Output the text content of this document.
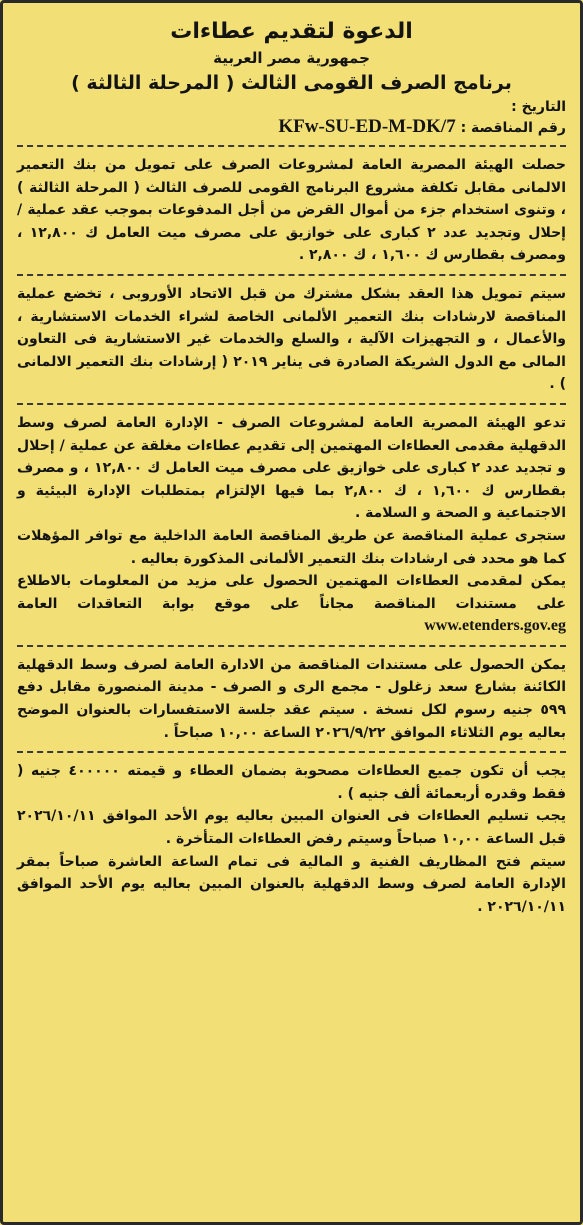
الدعوة لتقديم عطاءات
جمهورية مصر العربية
برنامج الصرف القومى الثالث ( المرحلة الثالثة )
التاريخ :
رقم المناقصة : KFw-SU-ED-M-DK/7

حصلت الهيئة المصرية العامة لمشروعات الصرف على تمويل من بنك التعمير الالمانى مقابل تكلفة مشروع البرنامج القومى للصرف الثالث ( المرحلة الثالثة ) ، وتنوى استخدام جزء من أموال القرض من أجل المدفوعات بموجب عقد عملية / إحلال وتجديد عدد ٢ كبارى على خوازيق على مصرف ميت العامل ك ١٢,٨٠٠ ، ومصرف بقطارس ك ١,٦٠٠ ، ك ٢,٨٠٠ .

سيتم تمويل هذا العقد بشكل مشترك من قبل الاتحاد الأوروبى ، تخضع عملية المناقصة لارشادات بنك التعمير الألمانى الخاصة لشراء الخدمات الاستشارية ، والأعمال ، و التجهيزات الآلية ، والسلع والخدمات غير الاستشارية فى التعاون المالى مع الدول الشريكة الصادرة فى يناير ٢٠١٩ ( إرشادات بنك التعمير الالمانى ) .

تدعو الهيئة المصرية العامة لمشروعات الصرف - الإدارة العامة لصرف وسط الدقهلية مقدمى العطاءات المهتمين إلى تقديم عطاءات مغلقة عن عملية / إحلال و تجديد عدد ٢ كبارى على خوازيق على مصرف ميت العامل ك ١٢,٨٠٠ ، و مصرف بقطارس ك ١,٦٠٠ ، ك ٢,٨٠٠ بما فيها الإلتزام بمتطلبات الإدارة البيئية و الاجتماعية و الصحة و السلامة .

ستجرى عملية المناقصة عن طريق المناقصة العامة الداخلية مع توافر المؤهلات كما هو محدد فى ارشادات بنك التعمير الألمانى المذكورة بعاليه .

يمكن لمقدمى العطاءات المهتمين الحصول على مزيد من المعلومات بالاطلاع على مستندات المناقصة مجاناً على موقع بوابة التعاقدات العامة www.etenders.gov.eg

يمكن الحصول على مستندات المناقصة من الادارة العامة لصرف وسط الدقهلية الكائنة بشارع سعد زغلول - مجمع الرى و الصرف - مدينة المنصورة مقابل دفع ٥٩٩ جنيه رسوم لكل نسخة . سيتم عقد جلسة الاستفسارات بالعنوان الموضح بعاليه يوم الثلاثاء الموافق ٢٠٢٦/٩/٢٢ الساعة ١٠,٠٠ صباحاً .

يجب أن تكون جميع العطاءات مصحوبة بضمان العطاء و قيمته ٤٠٠٠٠٠ جنيه ( فقط وقدره أربعمائة ألف جنيه ) .

يجب تسليم العطاءات فى العنوان المبين بعاليه يوم الأحد الموافق ٢٠٢٦/١٠/١١ قبل الساعة ١٠,٠٠ صباحاً وسيتم رفض العطاءات المتأخرة .

سيتم فتح المظاريف الفنية و المالية فى تمام الساعة العاشرة صباحاً بمقر الإدارة العامة لصرف وسط الدقهلية بالعنوان المبين بعاليه يوم الأحد الموافق ٢٠٢٦/١٠/١١ .
